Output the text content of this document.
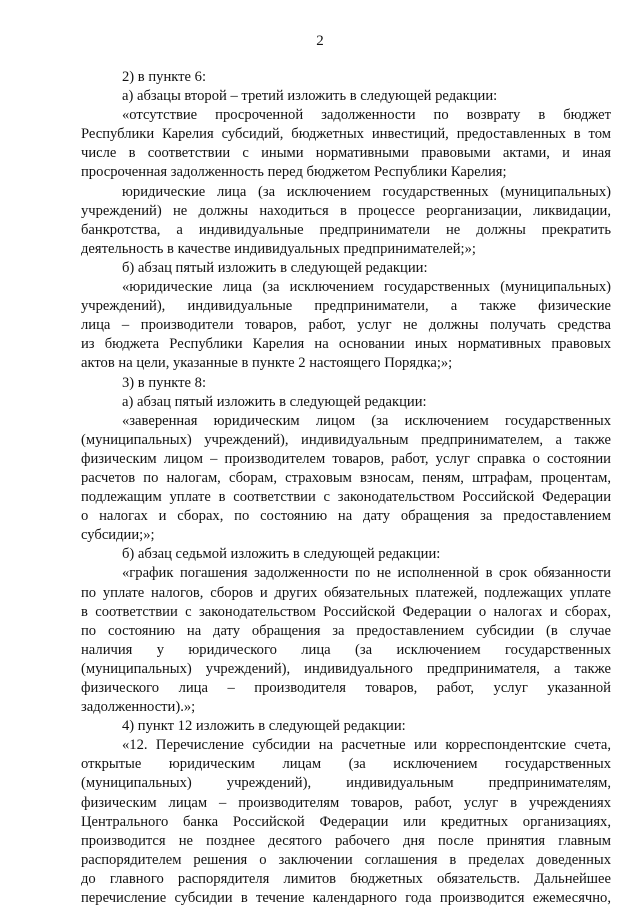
2
2) в пункте 6:
а) абзацы второй – третий изложить в следующей редакции:
«отсутствие просроченной задолженности по возврату в бюджет
Республики Карелия субсидий, бюджетных инвестиций, предоставленных в том
числе в соответствии с иными нормативными правовыми актами, и иная
просроченная задолженность перед бюджетом Республики Карелия;
юридические лица (за исключением государственных (муниципальных)
учреждений) не должны находиться в процессе реорганизации, ликвидации,
банкротства, а индивидуальные предприниматели не должны прекратить
деятельность в качестве индивидуальных предпринимателей;»;
б) абзац пятый изложить в следующей редакции:
«юридические лица (за исключением государственных (муниципальных)
учреждений), индивидуальные предприниматели, а также физические
лица – производители товаров, работ, услуг не должны получать средства
из бюджета Республики Карелия на основании иных нормативных правовых
актов на цели, указанные в пункте 2 настоящего Порядка;»;
3) в пункте 8:
а) абзац пятый изложить в следующей редакции:
«заверенная юридическим лицом (за исключением государственных
(муниципальных) учреждений), индивидуальным предпринимателем, а также
физическим лицом – производителем товаров, работ, услуг справка о состоянии
расчетов по налогам, сборам, страховым взносам, пеням, штрафам, процентам,
подлежащим уплате в соответствии с законодательством Российской Федерации
о налогах и сборах, по состоянию на дату обращения за предоставлением
субсидии;»;
б) абзац седьмой изложить в следующей редакции:
«график погашения задолженности по не исполненной в срок обязанности
по уплате налогов, сборов и других обязательных платежей, подлежащих уплате
в соответствии с законодательством Российской Федерации о налогах и сборах,
по состоянию на дату обращения за предоставлением субсидии (в случае
наличия у юридического лица (за исключением государственных
(муниципальных) учреждений), индивидуального предпринимателя, а также
физического лица – производителя товаров, работ, услуг указанной
задолженности).»;
4) пункт 12 изложить в следующей редакции:
«12. Перечисление субсидии на расчетные или корреспондентские счета,
открытые юридическим лицам (за исключением государственных
(муниципальных) учреждений), индивидуальным предпринимателям,
физическим лицам – производителям товаров, работ, услуг в учреждениях
Центрального банка Российской Федерации или кредитных организациях,
производится не позднее десятого рабочего дня после принятия главным
распорядителем решения о заключении соглашения в пределах доведенных
до главного распорядителя лимитов бюджетных обязательств. Дальнейшее
перечисление субсидии в течение календарного года производится ежемесячно,
